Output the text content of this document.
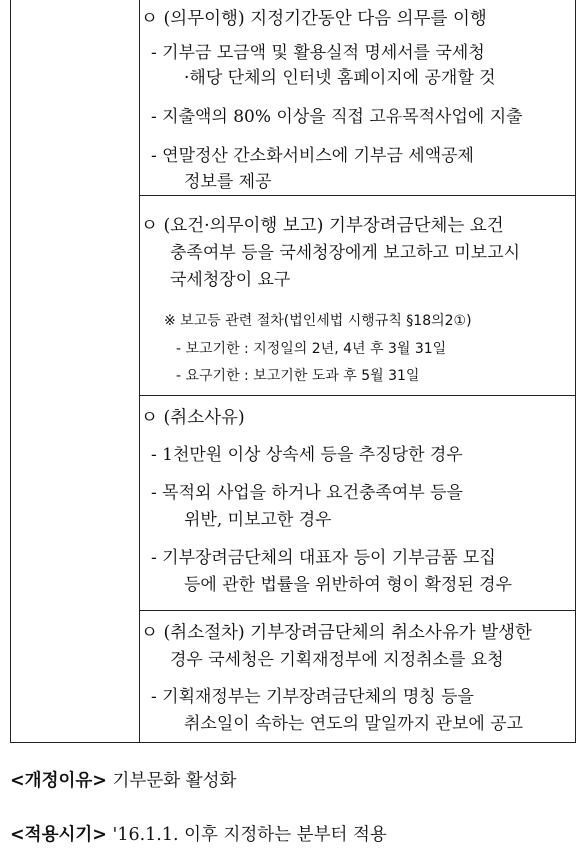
ㅇ (의무이행) 지정기간동안 다음 의무를 이행
- 기부금 모금액 및 활용실적 명세서를 국세청
·해당 단체의 인터넷 홈페이지에 공개할 것
- 지출액의 80% 이상을 직접 고유목적사업에 지출
- 연말정산 간소화서비스에 기부금 세액공제
정보를 제공
ㅇ (요건·의무이행 보고) 기부장려금단체는 요건
충족여부 등을 국세청장에게 보고하고 미보고시
국세청장이 요구
※ 보고등 관련 절차(법인세법 시행규칙 §18의2①)
- 보고기한 : 지정일의 2년, 4년 후 3월 31일
- 요구기한 : 보고기한 도과 후 5월 31일
ㅇ (취소사유)
- 1천만원 이상 상속세 등을 추징당한 경우
- 목적외 사업을 하거나 요건충족여부 등을
위반, 미보고한 경우
- 기부장려금단체의 대표자 등이 기부금품 모집
등에 관한 법률을 위반하여 형이 확정된 경우
ㅇ (취소절차) 기부장려금단체의 취소사유가 발생한
경우 국세청은 기획재정부에 지정취소를 요청
- 기획재정부는 기부장려금단체의 명칭 등을
취소일이 속하는 연도의 말일까지 관보에 공고
<개정이유> 기부문화 활성화
<적용시기> '16.1.1. 이후 지정하는 분부터 적용
